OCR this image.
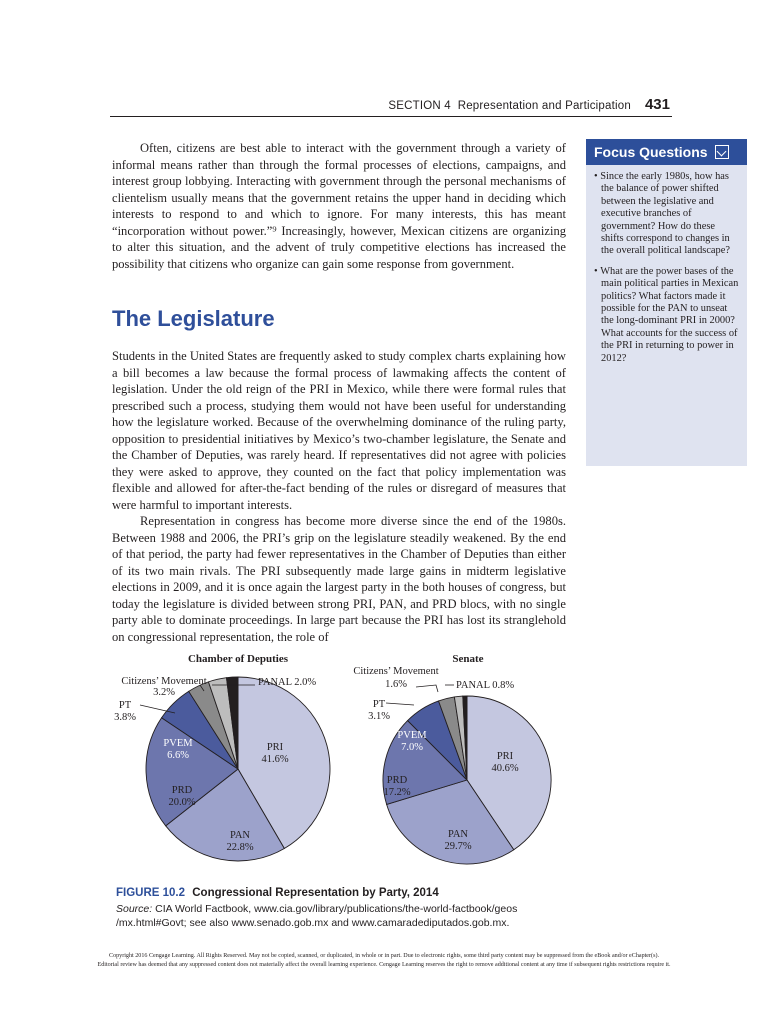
SECTION 4 Representation and Participation 431

Often, citizens are best able to interact with the government through a variety of informal means rather than through the formal processes of elections, campaigns, and interest group lobbying. Interacting with government through the personal mechanisms of clientelism usually means that the government retains the upper hand in deciding which interests to respond to and which to ignore. For many interests, this has meant “incorporation without power.”⁹ Increasingly, however, Mexican citizens are organizing to alter this situation, and the advent of truly competitive elections has increased the possibility that citizens who organize can gain some response from government.

The Legislature

Students in the United States are frequently asked to study complex charts explaining how a bill becomes a law because the formal process of lawmaking affects the content of legislation. Under the old reign of the PRI in Mexico, while there were formal rules that prescribed such a process, studying them would not have been useful for understanding how the legislature worked. Because of the overwhelming dominance of the ruling party, opposition to presidential initiatives by Mexico’s two-chamber legislature, the Senate and the Chamber of Deputies, was rarely heard. If representatives did not agree with policies they were asked to approve, they counted on the fact that policy implementation was flexible and allowed for after-the-fact bending of the rules or disregard of measures that were harmful to important interests.

Representation in congress has become more diverse since the end of the 1980s. Between 1988 and 2006, the PRI’s grip on the legislature steadily weakened. By the end of that period, the party had fewer representatives in the Chamber of Deputies than either of its two main rivals. The PRI subsequently made large gains in midterm legislative elections in 2009, and it is once again the largest party in the both houses of congress, but today the legislature is divided between strong PRI, PAN, and PRD blocs, with no single party able to dominate proceedings. In large part because the PRI has lost its stranglehold on congressional representation, the role of

Focus Questions
• Since the early 1980s, how has the balance of power shifted between the legislative and executive branches of government? How do these shifts correspond to changes in the overall political landscape?
• What are the power bases of the main political parties in Mexican politics? What factors made it possible for the PAN to unseat the long-dominant PRI in 2000? What accounts for the success of the PRI in returning to power in 2012?
Chamber of Deputies
PRI
41.6%
PAN
22.8%
PRD
20.0%
PVEM
6.6%
PT
3.8%
Citizens’ Movement
3.2%
PANAL 2.0%
Senate
PRI
40.6%
PAN
29.7%
PRD
17.2%
PVEM
7.0%
PT
3.1%
Citizens’ Movement
1.6%	PANAL 0.8%
FIGURE 10.2 Congressional Representation by Party, 2014
Source: CIA World Factbook, www.cia.gov/library/publications/the-world-factbook/geos
/mx.html#Govt; see also www.senado.gob.mx and www.camaradediputados.gob.mx.
Copyright 2016 Cengage Learning. All Rights Reserved. May not be copied, scanned, or duplicated, in whole or in part. Due to electronic rights, some third party content may be suppressed from the eBook and/or eChapter(s).
Editorial review has deemed that any suppressed content does not materially affect the overall learning experience. Cengage Learning reserves the right to remove additional content at any time if subsequent rights restrictions require it.
